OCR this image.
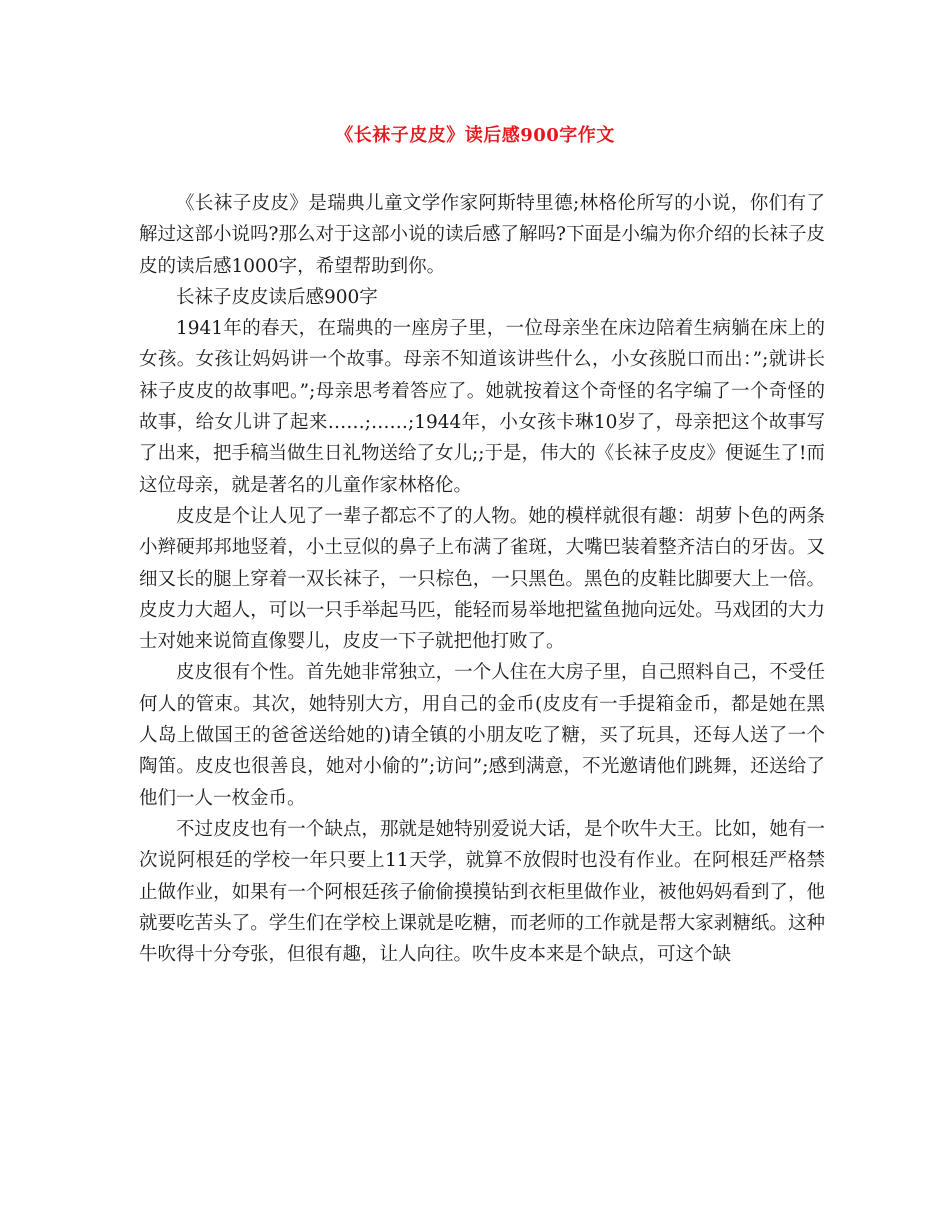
《长袜子皮皮》读后感900字作文

《长袜子皮皮》是瑞典儿童文学作家阿斯特里德;林格伦所写的小说，你们有了解过这部小说吗?那么对于这部小说的读后感了解吗?下面是小编为你介绍的长袜子皮皮的读后感1000字，希望帮助到你。

长袜子皮皮读后感900字

1941年的春天，在瑞典的一座房子里，一位母亲坐在床边陪着生病躺在床上的女孩。女孩让妈妈讲一个故事。母亲不知道该讲些什么，小女孩脱口而出：”;就讲长袜子皮皮的故事吧。”;母亲思考着答应了。她就按着这个奇怪的名字编了一个奇怪的故事，给女儿讲了起来……;……;1944年，小女孩卡琳10岁了，母亲把这个故事写了出来，把手稿当做生日礼物送给了女儿;;于是，伟大的《长袜子皮皮》便诞生了!而这位母亲，就是著名的儿童作家林格伦。

皮皮是个让人见了一辈子都忘不了的人物。她的模样就很有趣：胡萝卜色的两条小辫硬邦邦地竖着，小土豆似的鼻子上布满了雀斑，大嘴巴装着整齐洁白的牙齿。又细又长的腿上穿着一双长袜子，一只棕色，一只黑色。黑色的皮鞋比脚要大上一倍。皮皮力大超人，可以一只手举起马匹，能轻而易举地把鲨鱼抛向远处。马戏团的大力士对她来说简直像婴儿，皮皮一下子就把他打败了。

皮皮很有个性。首先她非常独立，一个人住在大房子里，自己照料自己，不受任何人的管束。其次，她特别大方，用自己的金币(皮皮有一手提箱金币，都是她在黑人岛上做国王的爸爸送给她的)请全镇的小朋友吃了糖，买了玩具，还每人送了一个陶笛。皮皮也很善良，她对小偷的”;访问”;感到满意，不光邀请他们跳舞，还送给了他们一人一枚金币。

不过皮皮也有一个缺点，那就是她特别爱说大话，是个吹牛大王。比如，她有一次说阿根廷的学校一年只要上11天学，就算不放假时也没有作业。在阿根廷严格禁止做作业，如果有一个阿根廷孩子偷偷摸摸钻到衣柜里做作业，被他妈妈看到了，他就要吃苦头了。学生们在学校上课就是吃糖，而老师的工作就是帮大家剥糖纸。这种牛吹得十分夸张，但很有趣，让人向往。吹牛皮本来是个缺点，可这个缺
